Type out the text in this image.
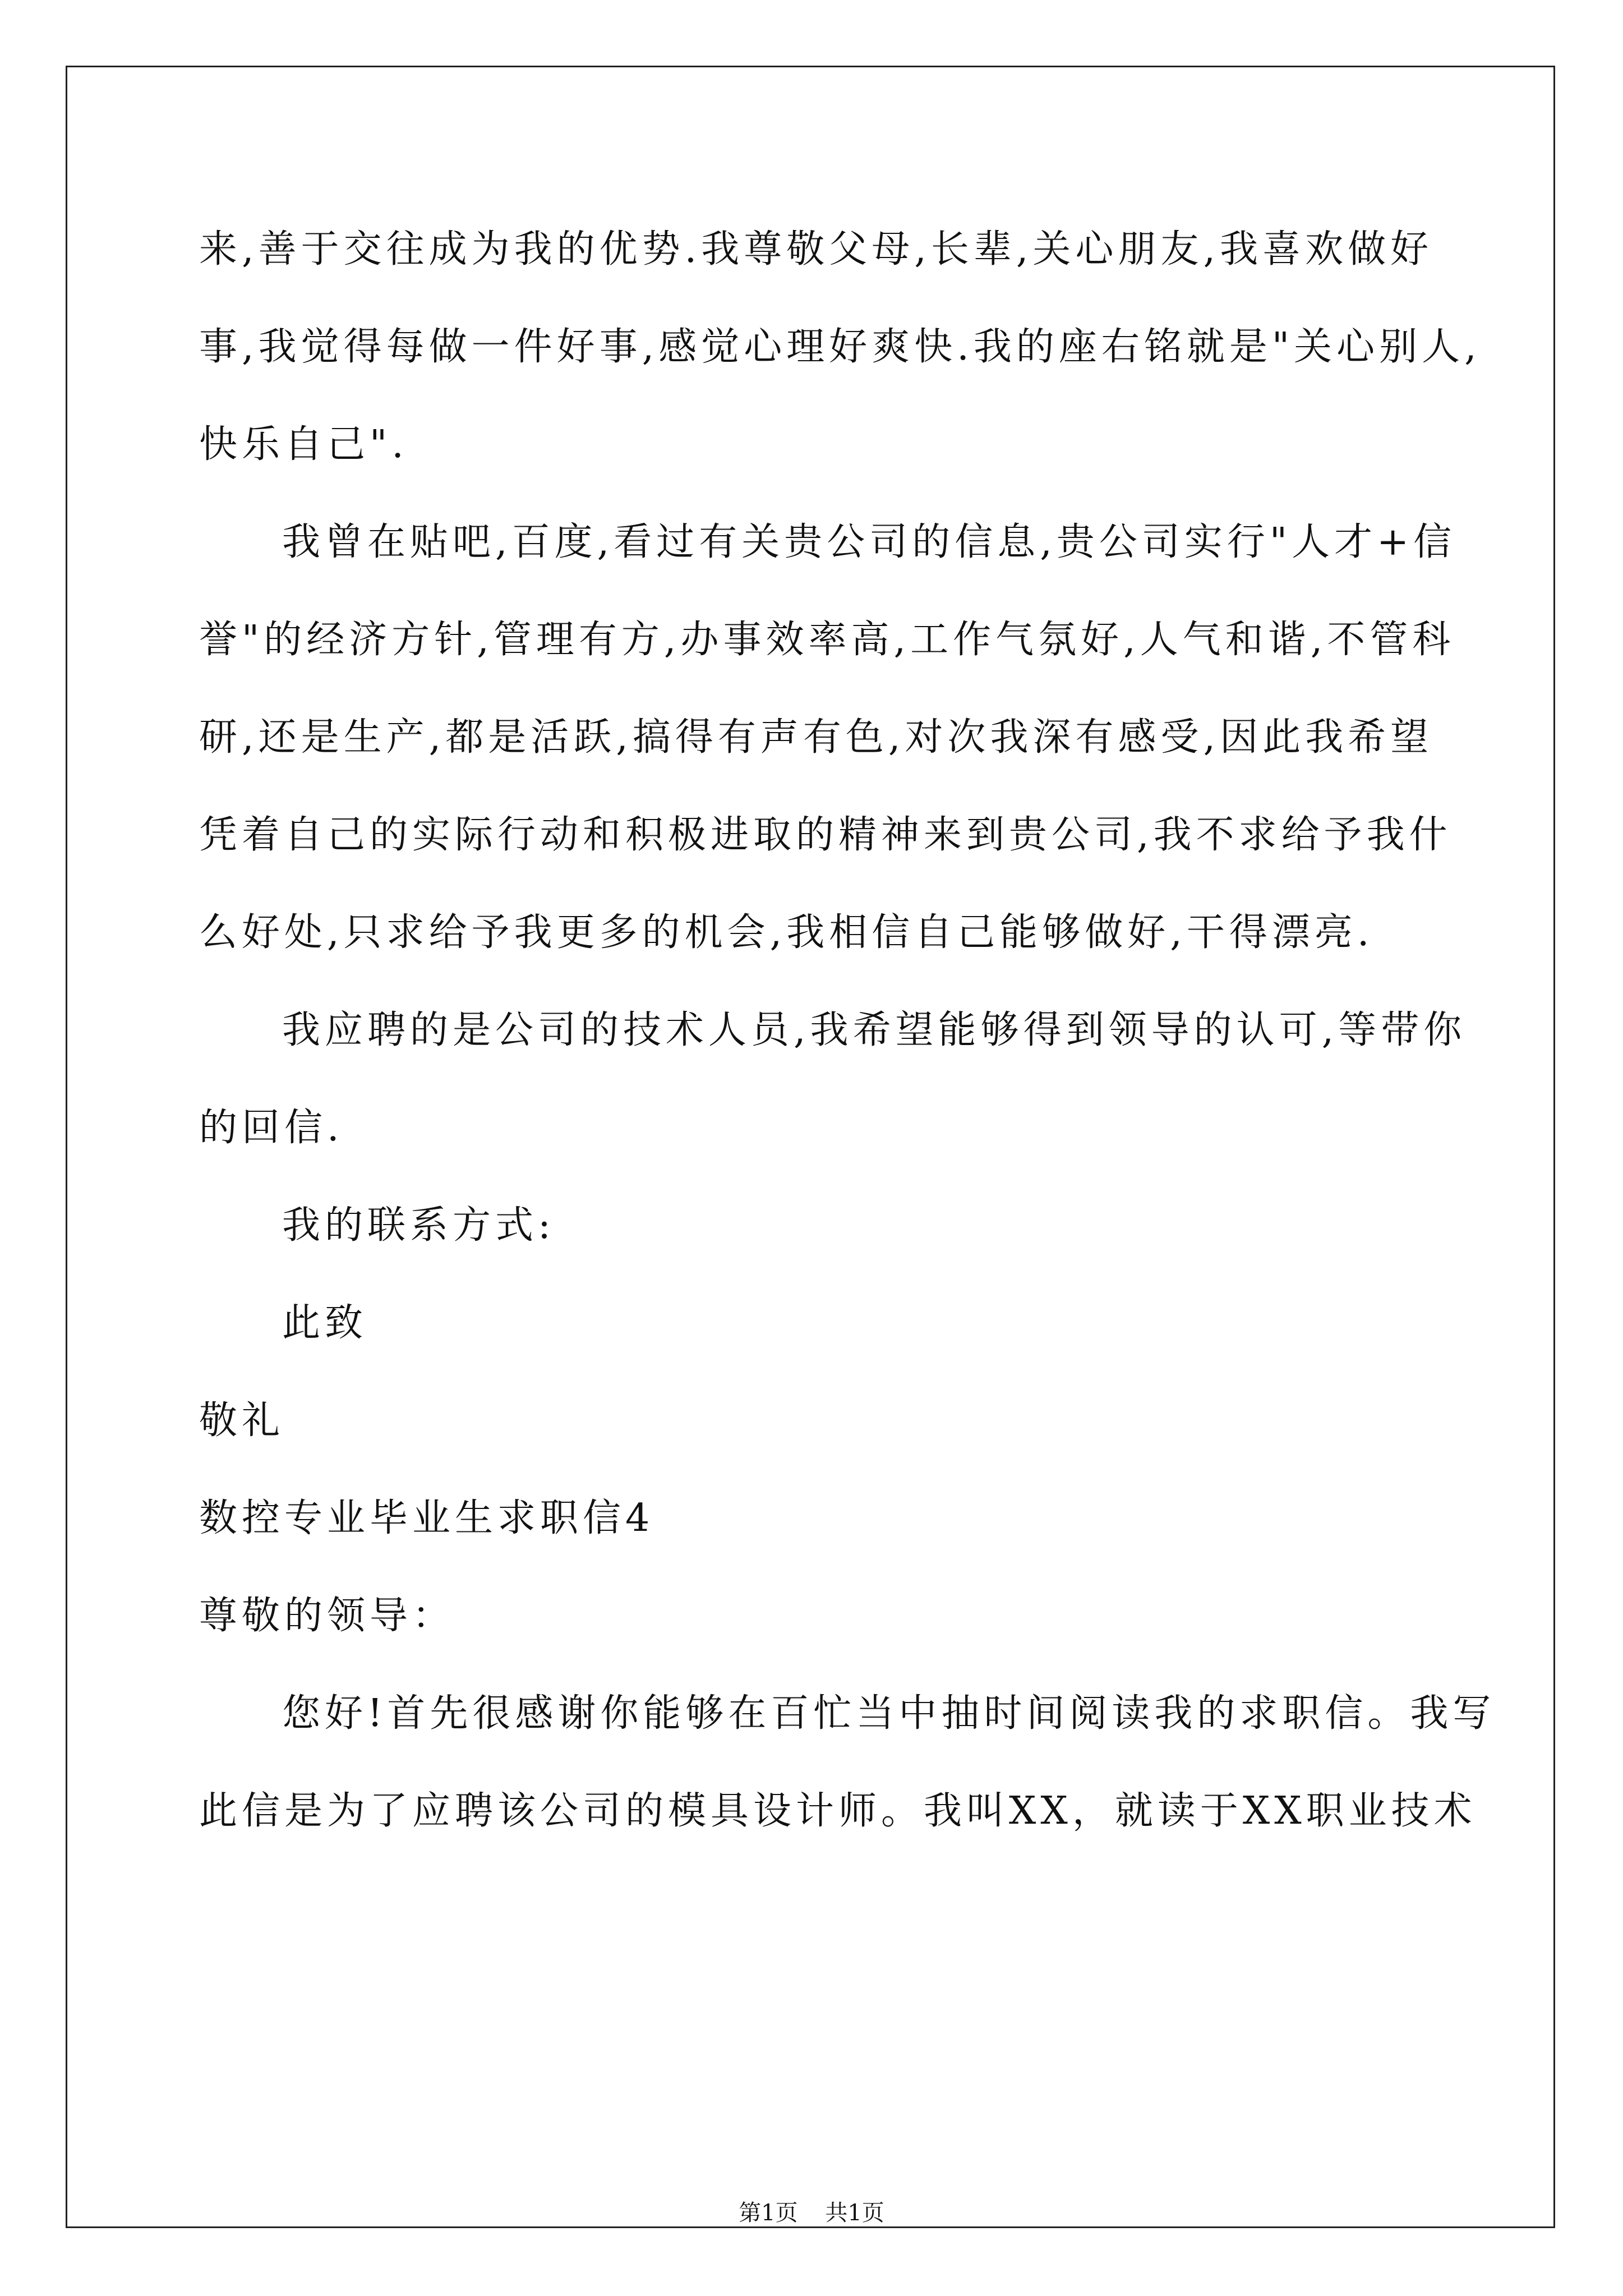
来,善于交往成为我的优势.我尊敬父母,长辈,关心朋友,我喜欢做好
事,我觉得每做一件好事,感觉心理好爽快.我的座右铭就是"关心别人,
快乐自己".
我曾在贴吧,百度,看过有关贵公司的信息,贵公司实行"人才+信
誉"的经济方针,管理有方,办事效率高,工作气氛好,人气和谐,不管科
研,还是生产,都是活跃,搞得有声有色,对次我深有感受,因此我希望
凭着自己的实际行动和积极进取的精神来到贵公司,我不求给予我什
么好处,只求给予我更多的机会,我相信自己能够做好,干得漂亮.
我应聘的是公司的技术人员,我希望能够得到领导的认可,等带你
的回信.
我的联系方式:
此致
敬礼
数控专业毕业生求职信4
尊敬的领导：
您好!首先很感谢你能够在百忙当中抽时间阅读我的求职信。我写
此信是为了应聘该公司的模具设计师。我叫XX，就读于XX职业技术
第1页 共1页
